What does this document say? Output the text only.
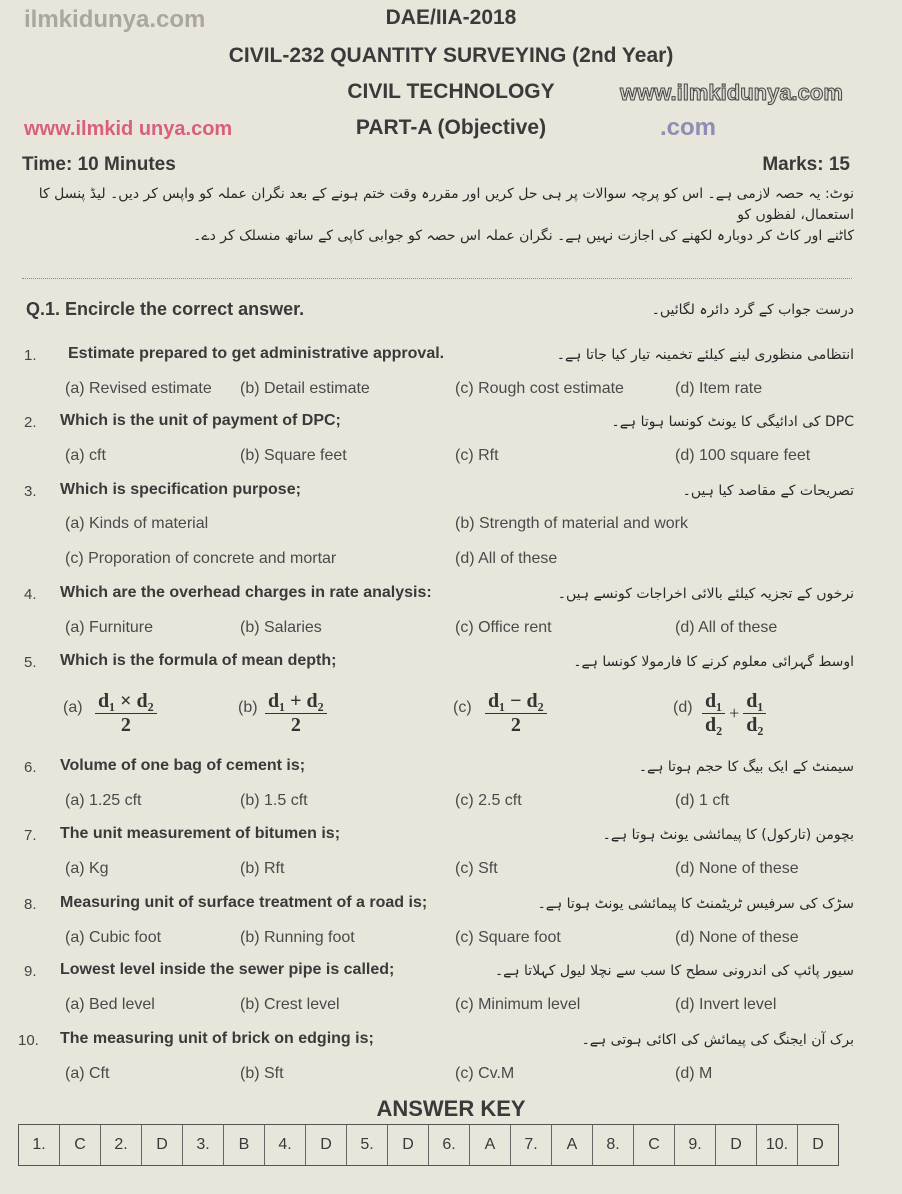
ilmkidunya.com
www.ilmkidunya.com
www.ilmkid unya.com	.com
DAE/IIA-2018
CIVIL-232 QUANTITY SURVEYING (2nd Year)
CIVIL TECHNOLOGY
PART-A (Objective)
Time: 10 Minutes	Marks: 15
نوٹ: یہ حصہ لازمی ہے۔ اس کو پرچہ سوالات پر ہی حل کریں اور مقررہ وقت ختم ہونے کے بعد نگران عملہ کو واپس کر دیں۔ لیڈ پنسل کا استعمال، لفظوں کو
کاٹنے اور کاٹ کر دوبارہ لکھنے کی اجازت نہیں ہے۔ نگران عملہ اس حصہ کو جوابی کاپی کے ساتھ منسلک کر دے۔
Q.1. Encircle the correct answer.	درست جواب کے گرد دائرہ لگائیں۔
1. Estimate prepared to get administrative approval.	انتظامی منظوری لینے کیلئے تخمینہ تیار کیا جاتا ہے۔
(a) Revised estimate (b) Detail estimate	(c) Rough cost estimate	(d) Item rate
2. Which is the unit of payment of DPC;	DPC کی ادائیگی کا یونٹ کونسا ہوتا ہے۔
(a) cft	(b) Square feet	(c) Rft	(d) 100 square feet
3. Which is specification purpose;	تصریحات کے مقاصد کیا ہیں۔
(a) Kinds of material	(b) Strength of material and work
(c) Proporation of concrete and mortar	(d) All of these
4. Which are the overhead charges in rate analysis:	نرخوں کے تجزیہ کیلئے بالائی اخراجات کونسے ہیں۔
(a) Furniture	(b) Salaries	(c) Office rent	(d) All of these
5. Which is the formula of mean depth;	اوسط گہرائی معلوم کرنے کا فارمولا کونسا ہے۔
(a)	(b)	(c)	(d)
6. Volume of one bag of cement is;	سیمنٹ کے ایک بیگ کا حجم ہوتا ہے۔
(a) 1.25 cft	(b) 1.5 cft	(c) 2.5 cft	(d) 1 cft
7. The unit measurement of bitumen is;	بچومن (تارکول) کا پیمائشی یونٹ ہوتا ہے۔
(a) Kg	(b) Rft	(c) Sft	(d) None of these
8. Measuring unit of surface treatment of a road is;	سڑک کی سرفیس ٹریٹمنٹ کا پیمائشی یونٹ ہوتا ہے۔
(a) Cubic foot	(b) Running foot	(c) Square foot	(d) None of these
9. Lowest level inside the sewer pipe is called;	سیور پائپ کی اندرونی سطح کا سب سے نچلا لیول کہلاتا ہے۔
(a) Bed level	(b) Crest level	(c) Minimum level	(d) Invert level
10. The measuring unit of brick on edging is;	برک آن ایجنگ کی پیمائش کی اکائی ہوتی ہے۔
(a) Cft	(b) Sft	(c) Cv.M	(d) M
$\frac{\text{d₁ × d₂}}{2}$	$\frac{\text{d₁ + d₂}}{2}$	$\frac{\text{d₁ − d₂}}{2}$	$\frac{\text{d₁}}{\text{d₂}} + \frac{\text{d₁}}{\text{d₂}}$
ANSWER KEY
1.	C	2.	D	3.	B	4.	D	5.	D	6.	A	7.	A	8.	C	9.	D	10.	D
